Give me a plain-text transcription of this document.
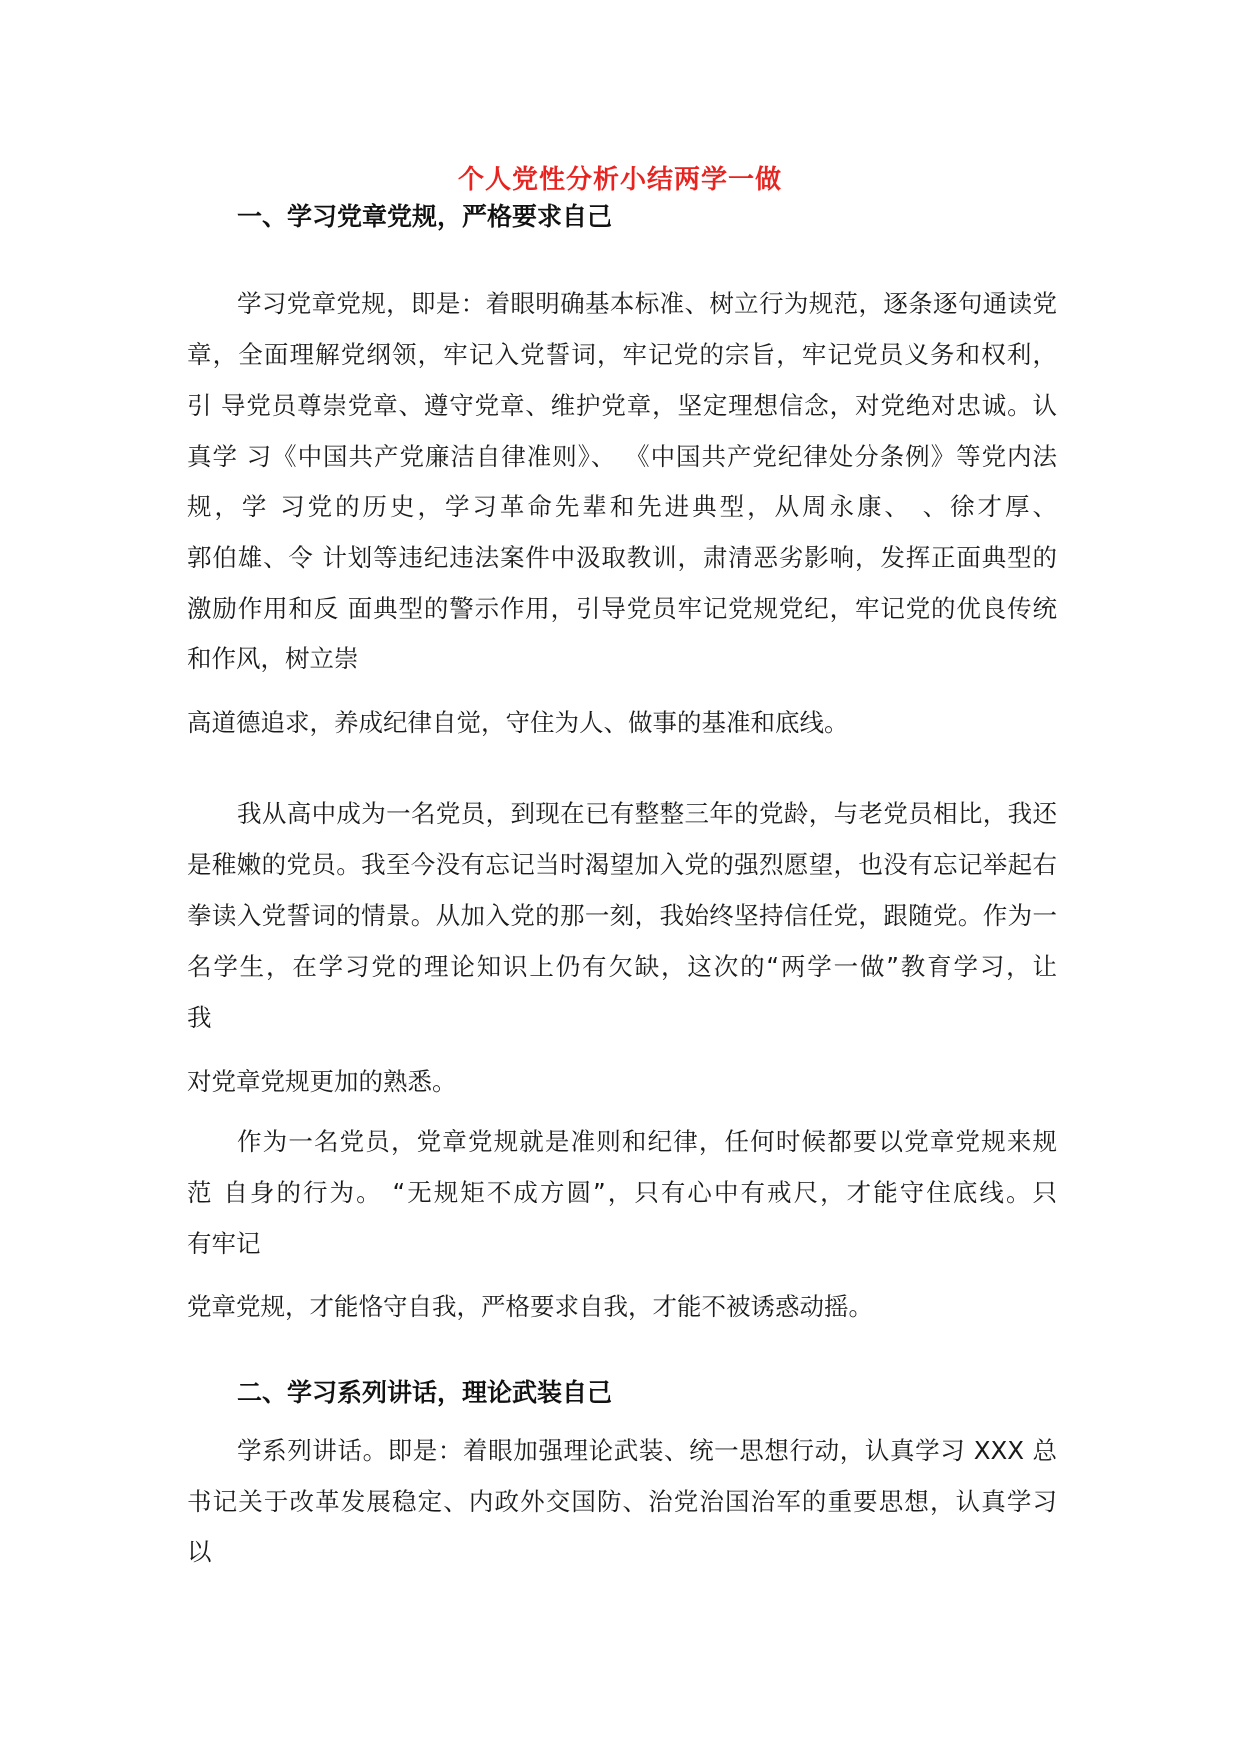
个人党性分析小结两学一做
一、学习党章党规，严格要求自己
学习党章党规，即是：着眼明确基本标准、树立行为规范，逐条逐句通读党
章，全面理解党纲领，牢记入党誓词，牢记党的宗旨，牢记党员义务和权利，
引 导党员尊崇党章、遵守党章、维护党章，坚定理想信念，对党绝对忠诚。认
真学 习《中国共产党廉洁自律准则》、 《中国共产党纪律处分条例》等党内法
规，学 习党的历史，学习革命先辈和先进典型，从周永康、 、徐才厚、
郭伯雄、令 计划等违纪违法案件中汲取教训，肃清恶劣影响，发挥正面典型的
激励作用和反 面典型的警示作用，引导党员牢记党规党纪，牢记党的优良传统
和作风，树立崇
高道德追求，养成纪律自觉，守住为人、做事的基准和底线。
我从高中成为一名党员，到现在已有整整三年的党龄，与老党员相比，我还
是稚嫩的党员。我至今没有忘记当时渴望加入党的强烈愿望，也没有忘记举起右
拳读入党誓词的情景。从加入党的那一刻，我始终坚持信任党，跟随党。作为一
名学生，在学习党的理论知识上仍有欠缺，这次的“两学一做”教育学习，让
我
对党章党规更加的熟悉。
作为一名党员，党章党规就是准则和纪律，任何时候都要以党章党规来规
范 自身的行为。 “无规矩不成方圆”，只有心中有戒尺，才能守住底线。只
有牢记
党章党规，才能恪守自我，严格要求自我，才能不被诱惑动摇。
二、学习系列讲话，理论武装自己
学系列讲话。即是：着眼加强理论武装、统一思想行动，认真学习 XXX 总
书记关于改革发展稳定、内政外交国防、治党治国治军的重要思想，认真学习
以
